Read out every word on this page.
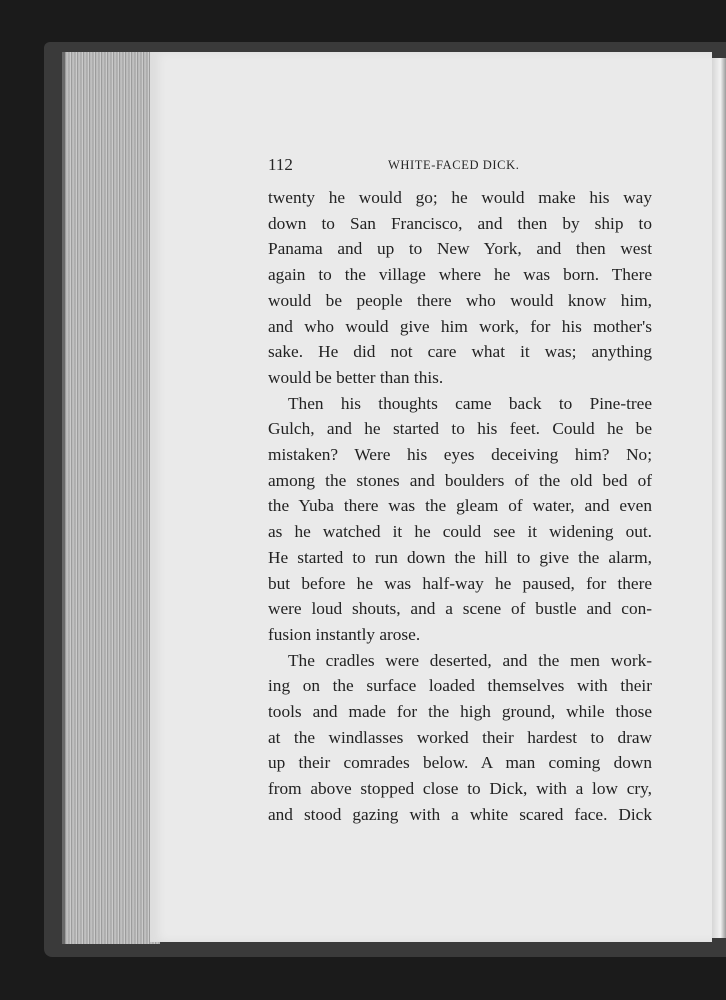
112	WHITE-FACED DICK.
twenty he would go; he would make his way
down to San Francisco, and then by ship to
Panama and up to New York, and then west
again to the village where he was born. There
would be people there who would know him,
and who would give him work, for his mother's
sake. He did not care what it was; anything
would be better than this.
Then his thoughts came back to Pine-tree
Gulch, and he started to his feet. Could he be
mistaken? Were his eyes deceiving him? No;
among the stones and boulders of the old bed of
the Yuba there was the gleam of water, and even
as he watched it he could see it widening out.
He started to run down the hill to give the alarm,
but before he was half-way he paused, for there
were loud shouts, and a scene of bustle and con-
fusion instantly arose.
The cradles were deserted, and the men work-
ing on the surface loaded themselves with their
tools and made for the high ground, while those
at the windlasses worked their hardest to draw
up their comrades below. A man coming down
from above stopped close to Dick, with a low cry,
and stood gazing with a white scared face. Dick
